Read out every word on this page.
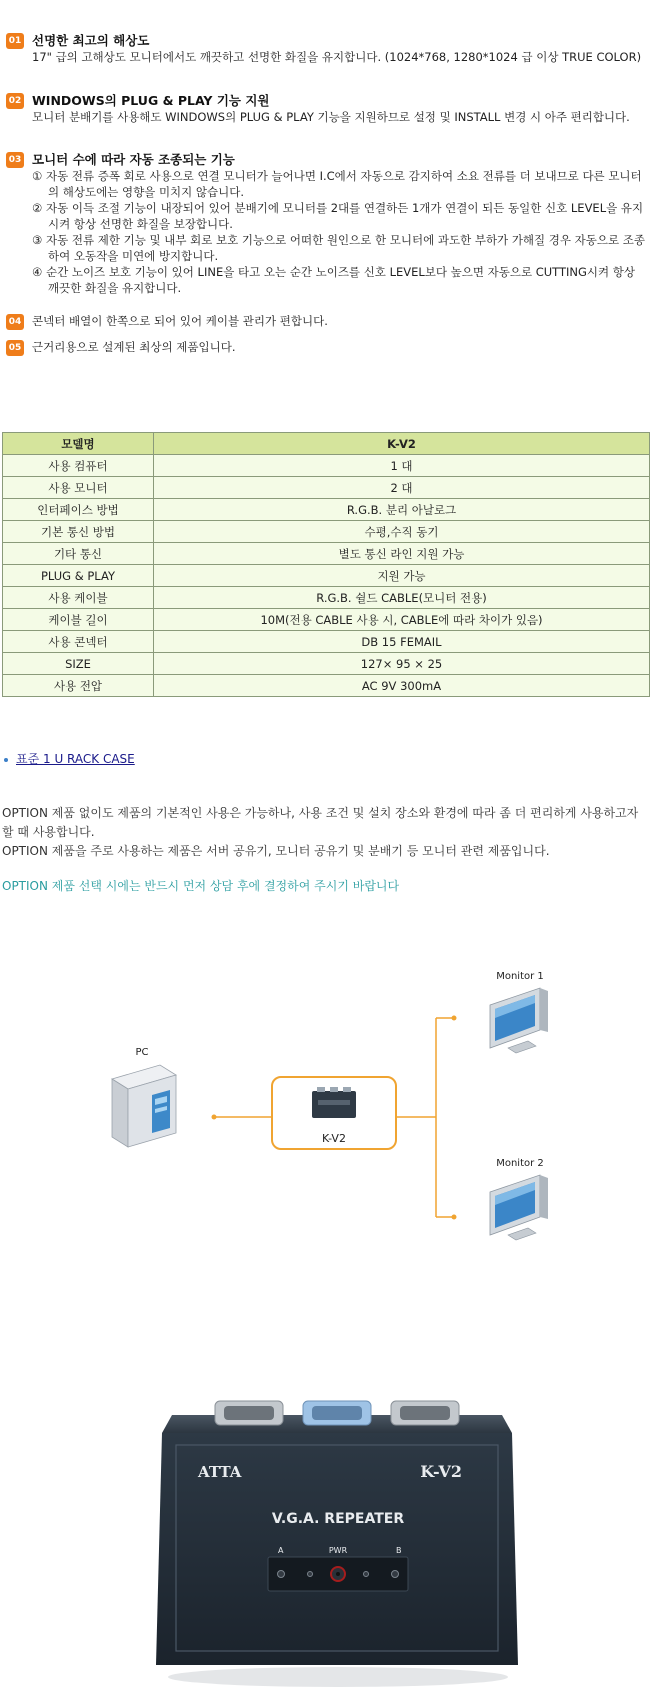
01 선명한 최고의 해상도
17" 급의 고해상도 모니터에서도 깨끗하고 선명한 화질을 유지합니다. (1024*768, 1280*1024 급 이상 TRUE COLOR)
02 WINDOWS의 PLUG & PLAY 기능 지원
모니터 분배기를 사용해도 WINDOWS의 PLUG & PLAY 기능을 지원하므로 설정 및 INSTALL 변경 시 아주 편리합니다.
03 모니터 수에 따라 자동 조종되는 기능
① 자동 전류 증폭 회로 사용으로 연결 모니터가 늘어나면 I.C에서 자동으로 감지하여 소요 전류를 더 보내므로 다른 모니터의 해상도에는 영향을 미치지 않습니다.
② 자동 이득 조절 기능이 내장되어 있어 분배기에 모니터를 2대를 연결하든 1개가 연결이 되든 동일한 신호 LEVEL을 유지시켜 항상 선명한 화질을 보장합니다.
③ 자동 전류 제한 기능 및 내부 회로 보호 기능으로 어떠한 원인으로 한 모니터에 과도한 부하가 가해질 경우 자동으로 조종하여 오동작을 미연에 방지합니다.
④ 순간 노이즈 보호 기능이 있어 LINE을 타고 오는 순간 노이즈를 신호 LEVEL보다 높으면 자동으로 CUTTING시켜 항상 깨끗한 화질을 유지합니다.
04 콘넥터 배열이 한쪽으로 되어 있어 케이블 관리가 편합니다.
05 근거리용으로 설계된 최상의 제품입니다.
모델명	K-V2
사용 컴퓨터	1 대
사용 모니터	2 대
인터페이스 방법	R.G.B. 분리 아날로그
기본 통신 방법	수평,수직 동기
기타 통신	별도 통신 라인 지원 가능
PLUG & PLAY	지원 가능
사용 케이블	R.G.B. 쉴드 CABLE(모니터 전용)
케이블 길이	10M(전용 CABLE 사용 시, CABLE에 따라 차이가 있음)
사용 콘넥터	DB 15 FEMAIL
SIZE	127× 95 × 25
사용 전압	AC 9V 300mA
표준 1 U RACK CASE
OPTION 제품 없이도 제품의 기본적인 사용은 가능하나, 사용 조건 및 설치 장소와 환경에 따라 좀 더 편리하게 사용하고자 할 때 사용합니다.
OPTION 제품을 주로 사용하는 제품은 서버 공유기, 모니터 공유기 및 분배기 등 모니터 관련 제품입니다.
OPTION 제품 선택 시에는 반드시 먼저 상담 후에 결정하여 주시기 바랍니다
PC
K-V2
Monitor 1
Monitor 2
ATTA	K-V2
V.G.A. REPEATER
A	PWR	B
